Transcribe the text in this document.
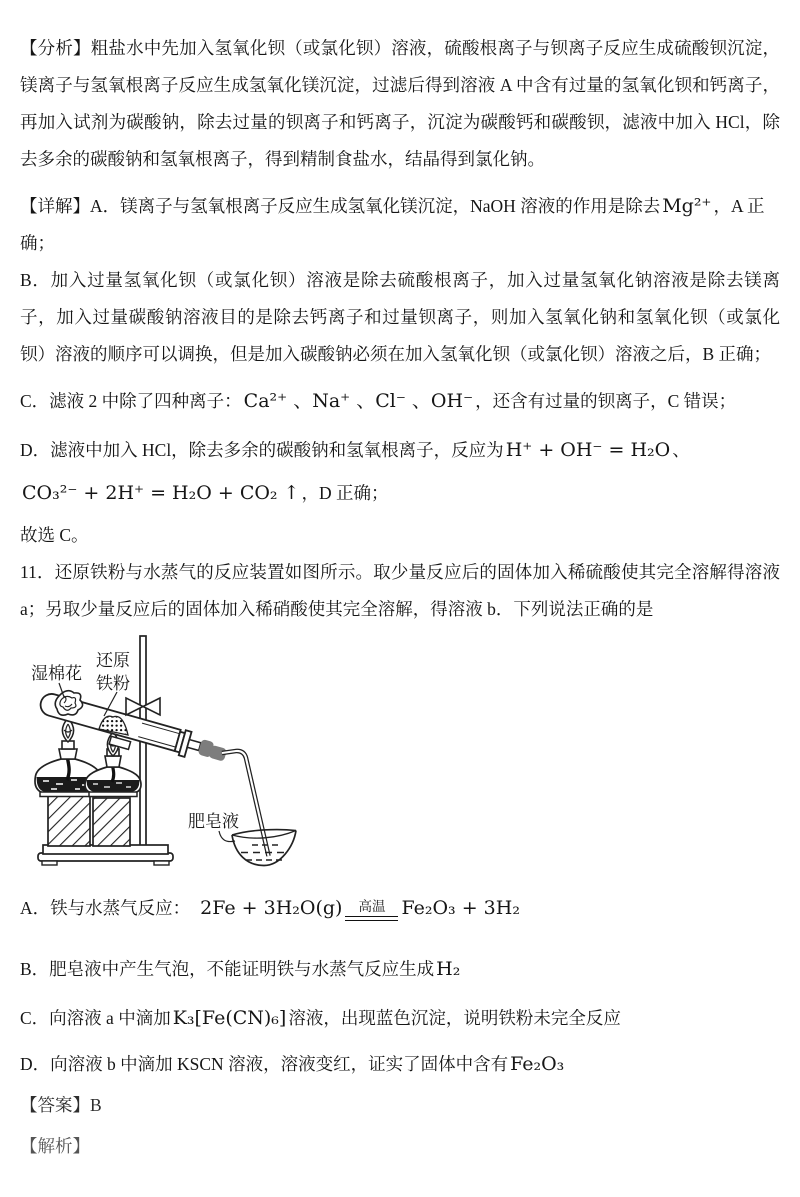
【分析】粗盐水中先加入氢氧化钡（或氯化钡）溶液，硫酸根离子与钡离子反应生成硫酸钡沉淀，镁离子与氢氧根离子反应生成氢氧化镁沉淀，过滤后得到溶液 A 中含有过量的氢氧化钡和钙离子，再加入试剂为碳酸钠，除去过量的钡离子和钙离子，沉淀为碳酸钙和碳酸钡，滤液中加入 HCl，除去多余的碳酸钠和氢氧根离子，得到精制食盐水，结晶得到氯化钠。

【详解】A．镁离子与氢氧根离子反应生成氢氧化镁沉淀，NaOH 溶液的作用是除去 Mg²⁺ ，A 正确；

B．加入过量氢氧化钡（或氯化钡）溶液是除去硫酸根离子，加入过量氢氧化钠溶液是除去镁离子，加入过量碳酸钠溶液目的是除去钙离子和过量钡离子，则加入氢氧化钠和氢氧化钡（或氯化钡）溶液的顺序可以调换，但是加入碳酸钠必须在加入氢氧化钡（或氯化钡）溶液之后，B 正确；

C．滤液 2 中除了四种离子： Ca²⁺ 、Na⁺ 、Cl⁻ 、OH⁻ ，还含有过量的钡离子，C 错误；

D．滤液中加入 HCl，除去多余的碳酸钠和氢氧根离子，反应为 H⁺ + OH⁻ = H₂O 、

CO₃²⁻ + 2H⁺ = H₂O + CO₂ ↑ ，D 正确；

故选 C。

11．还原铁粉与水蒸气的反应装置如图所示。取少量反应后的固体加入稀硫酸使其完全溶解得溶液 a；另取少量反应后的固体加入稀硝酸使其完全溶解，得溶液 b．下列说法正确的是

湿棉花
还原
铁粉
肥皂液

A．铁与水蒸气反应： 2Fe + 3H₂O(g)	高温 Fe₂O₃ + 3H₂

B．肥皂液中产生气泡，不能证明铁与水蒸气反应生成 H₂

C．向溶液 a 中滴加 K₃[Fe(CN)₆] 溶液，出现蓝色沉淀，说明铁粉未完全反应

D．向溶液 b 中滴加 KSCN 溶液，溶液变红，证实了固体中含有 Fe₂O₃

【答案】B

【解析】
